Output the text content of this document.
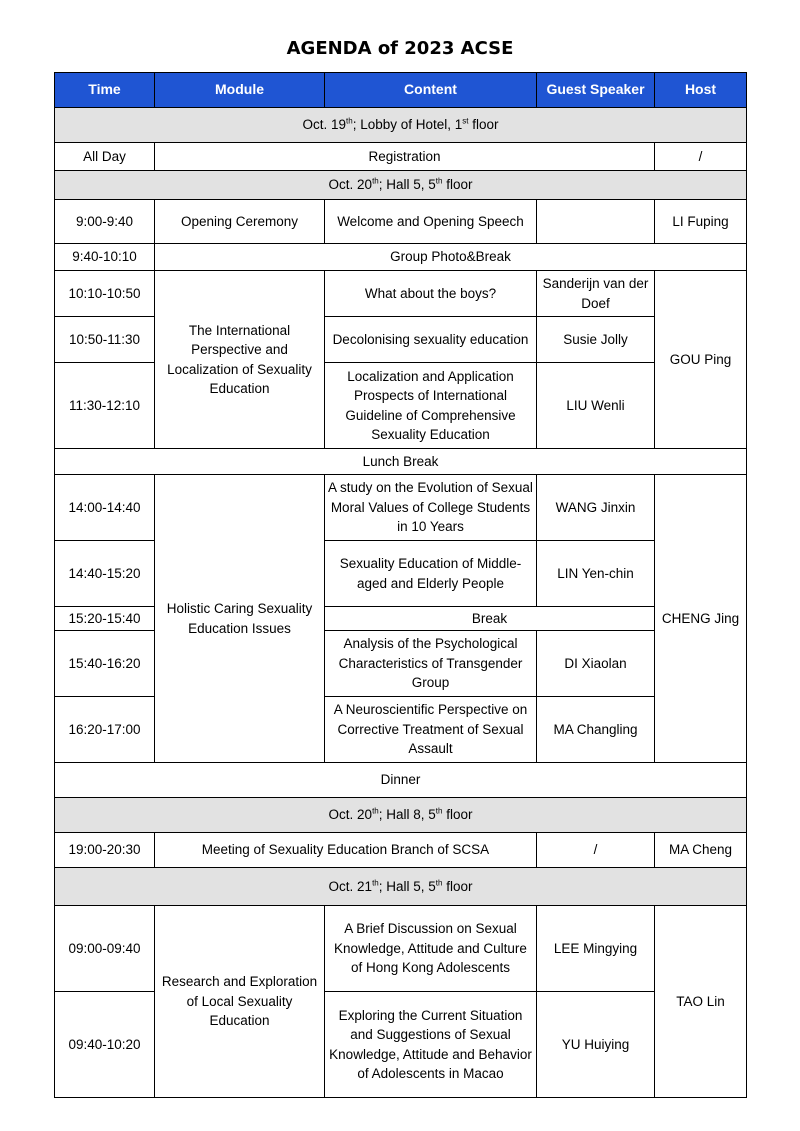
AGENDA of 2023 ACSE
Time	Module	Content	Guest Speaker	Host
Oct. 19th; Lobby of Hotel, 1st floor				
All Day	Registration			/
Oct. 20th; Hall 5, 5th floor				
9:00-9:40	Opening Ceremony	Welcome and Opening Speech		LI Fuping
9:40-10:10	Group Photo&Break			
10:10-10:50	The International Perspective and Localization of Sexuality Education	What about the boys?	Sanderijn van der Doef	GOU Ping
10:50-11:30		Decolonising sexuality education	Susie Jolly	
11:30-12:10		Localization and Application Prospects of International Guideline of Comprehensive Sexuality Education	LIU Wenli	
Lunch Break				
14:00-14:40	Holistic Caring Sexuality Education Issues	A study on the Evolution of Sexual Moral Values of College Students in 10 Years	WANG Jinxin	CHENG Jing
14:40-15:20		Sexuality Education of Middle-aged and Elderly People	LIN Yen-chin	
15:20-15:40		Break		
15:40-16:20		Analysis of the Psychological Characteristics of Transgender Group	DI Xiaolan	
16:20-17:00		A Neuroscientific Perspective on Corrective Treatment of Sexual Assault	MA Changling	
Dinner				
Oct. 20th; Hall 8, 5th floor				
19:00-20:30	Meeting of Sexuality Education Branch of SCSA		/	MA Cheng
Oct. 21th; Hall 5, 5th floor				
09:00-09:40	Research and Exploration of Local Sexuality Education	A Brief Discussion on Sexual Knowledge, Attitude and Culture of Hong Kong Adolescents	LEE Mingying	TAO Lin
09:40-10:20		Exploring the Current Situation and Suggestions of Sexual Knowledge, Attitude and Behavior of Adolescents in Macao	YU Huiying	
